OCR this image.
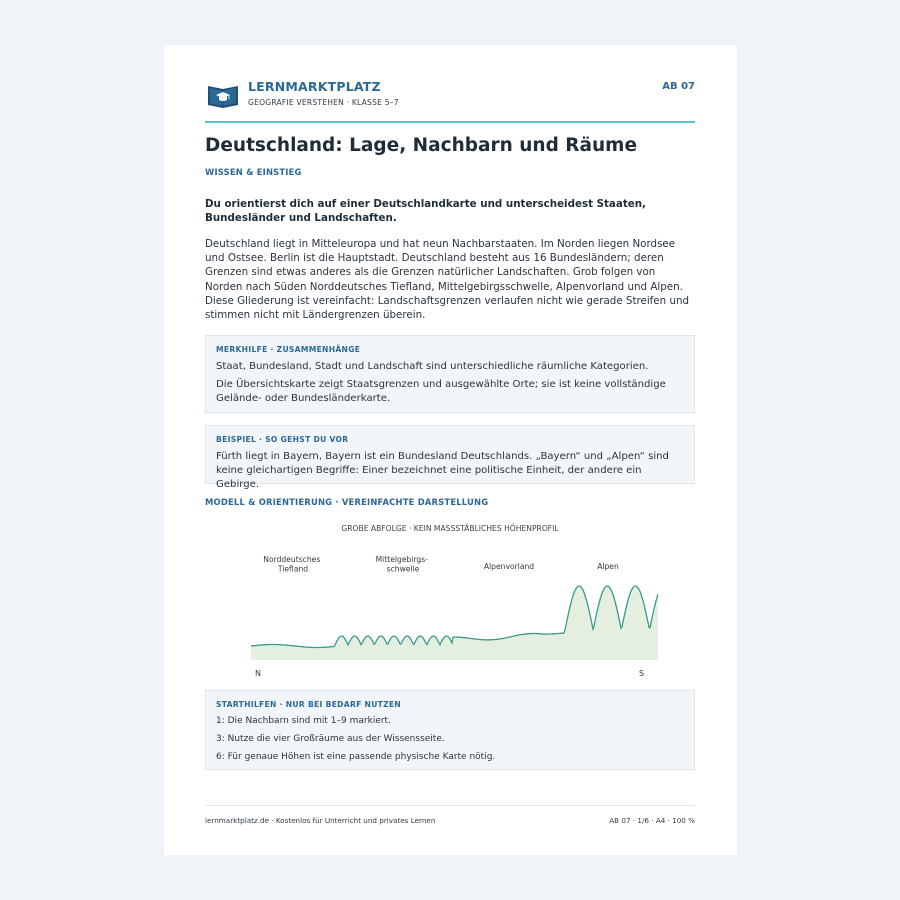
LERNMARKTPLATZ
GEOGRAFIE VERSTEHEN · KLASSE 5–7
AB 07
Deutschland: Lage, Nachbarn und Räume
WISSEN & EINSTIEG
Du orientierst dich auf einer Deutschlandkarte und unterscheidest Staaten, Bundesländer und Landschaften.
Deutschland liegt in Mitteleuropa und hat neun Nachbarstaaten. Im Norden liegen Nordsee und Ostsee. Berlin ist die Hauptstadt. Deutschland besteht aus 16 Bundesländern; deren Grenzen sind etwas anderes als die Grenzen natürlicher Landschaften. Grob folgen von Norden nach Süden Norddeutsches Tiefland, Mittelgebirgsschwelle, Alpenvorland und Alpen. Diese Gliederung ist vereinfacht: Landschaftsgrenzen verlaufen nicht wie gerade Streifen und stimmen nicht mit Ländergrenzen überein.
MERKHILFE · ZUSAMMENHÄNGE

Staat, Bundesland, Stadt und Landschaft sind unterschiedliche räumliche Kategorien.

Die Übersichtskarte zeigt Staatsgrenzen und ausgewählte Orte; sie ist keine vollständige Gelände- oder Bundesländerkarte.

BEISPIEL · SO GEHST DU VOR

Fürth liegt in Bayern, Bayern ist ein Bundesland Deutschlands. „Bayern“ und „Alpen“ sind keine gleichartigen Begriffe: Einer bezeichnet eine politische Einheit, der andere ein Gebirge.

MODELL & ORIENTIERUNG · VEREINFACHTE DARSTELLUNG
GROBE ABFOLGE · KEIN MASSSTÄBLICHES HÖHENPROFIL
Norddeutsches Tiefland
Mittelgebirgs- schwelle	Alpenvorland	Alpen
N	S
STARTHILFEN · NUR BEI BEDARF NUTZEN

1: Die Nachbarn sind mit 1–9 markiert.

3: Nutze die vier Großräume aus der Wissensseite.

6: Für genaue Höhen ist eine passende physische Karte nötig.

lernmarktplatz.de · Kostenlos für Unterricht und privates Lernen	AB 07 · 1/6 · A4 · 100 %
